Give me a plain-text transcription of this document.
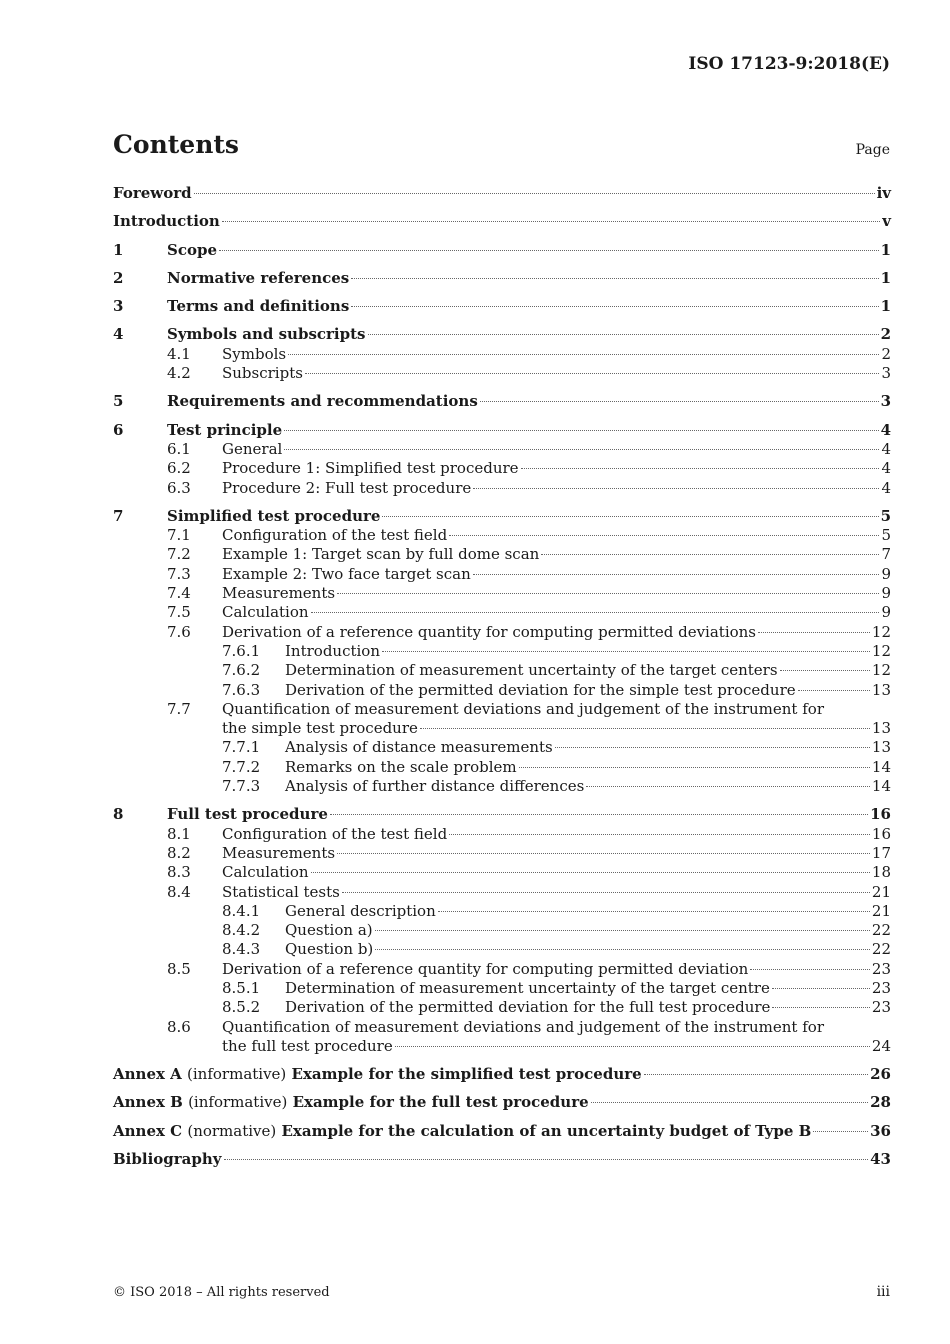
ISO 17123-9:2018(E)
Contents	Page
Foreword	iv
Introduction	v
1	Scope	1
2	Normative references	1
3	Terms and definitions	1
4	Symbols and subscripts	2
4.1	Symbols	2
4.2	Subscripts	3
5	Requirements and recommendations	3
6	Test principle	4
6.1	General	4
6.2	Procedure 1: Simplified test procedure	4
6.3	Procedure 2: Full test procedure	4
7	Simplified test procedure	5
7.1	Configuration of the test field	5
7.2	Example 1: Target scan by full dome scan	7
7.3	Example 2: Two face target scan	9
7.4	Measurements	9
7.5	Calculation	9
7.6	Derivation of a reference quantity for computing permitted deviations	12
7.6.1	Introduction	12
7.6.2	Determination of measurement uncertainty of the target centers	12
7.6.3	Derivation of the permitted deviation for the simple test procedure	13
7.7	Quantification of measurement deviations and judgement of the instrument for
the simple test procedure	13
7.7.1	Analysis of distance measurements	13
7.7.2	Remarks on the scale problem	14
7.7.3	Analysis of further distance differences	14
8	Full test procedure	16
8.1	Configuration of the test field	16
8.2	Measurements	17
8.3	Calculation	18
8.4	Statistical tests	21
8.4.1	General description	21
8.4.2	Question a)	22
8.4.3	Question b)	22
8.5	Derivation of a reference quantity for computing permitted deviation	23
8.5.1	Determination of measurement uncertainty of the target centre	23
8.5.2	Derivation of the permitted deviation for the full test procedure	23
8.6	Quantification of measurement deviations and judgement of the instrument for
the full test procedure	24
Annex A (informative) Example for the simplified test procedure	26
Annex B (informative) Example for the full test procedure	28
Annex C (normative) Example for the calculation of an uncertainty budget of Type B	36
Bibliography	43
© ISO 2018 – All rights reserved	iii
